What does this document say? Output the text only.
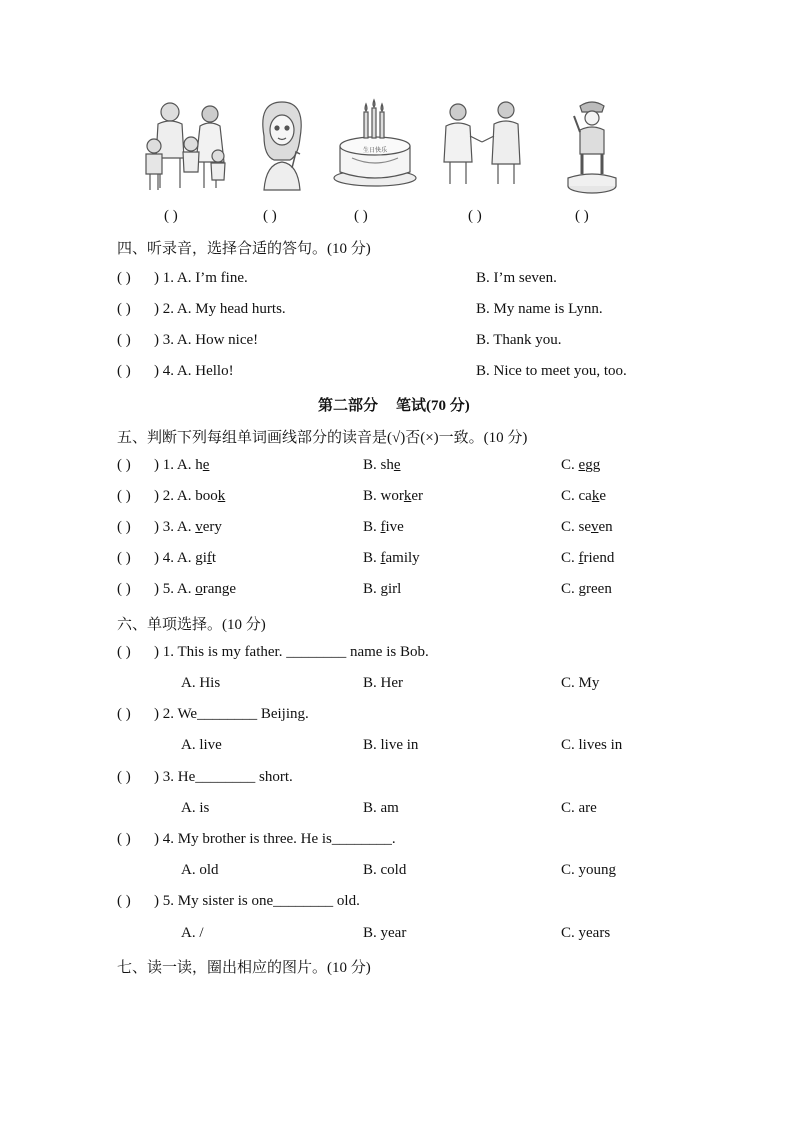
生日快乐
( )	( )	( )	( )	( )
四、听录音，选择合适的答句。(10 分)
( ) ) 1. A. I’m fine.	B. I’m seven.
( ) ) 2. A. My head hurts.	B. My name is Lynn.
( ) ) 3. A. How nice!	B. Thank you.
( ) ) 4. A. Hello!	B. Nice to meet you, too.
第二部分 笔试(70 分)
五、判断下列每组单词画线部分的读音是(√)否(×)一致。(10 分)
( ) ) 1. A. he	B. she	C. egg
( ) ) 2. A. book	B. worker	C. cake
( ) ) 3. A. very	B. five	C. seven
( ) ) 4. A. gift	B. family	C. friend
( ) ) 5. A. orange	B. girl	C. green
六、单项选择。(10 分)
( ) ) 1. This is my father. ________ name is Bob.
A. His	B. Her	C. My
( ) ) 2. We________ Beijing.
A. live	B. live in	C. lives in
( ) ) 3. He________ short.
A. is	B. am	C. are
( ) ) 4. My brother is three. He is________.
A. old	B. cold	C. young
( ) ) 5. My sister is one________ old.
A. /	B. year	C. years
七、读一读，圈出相应的图片。(10 分)
